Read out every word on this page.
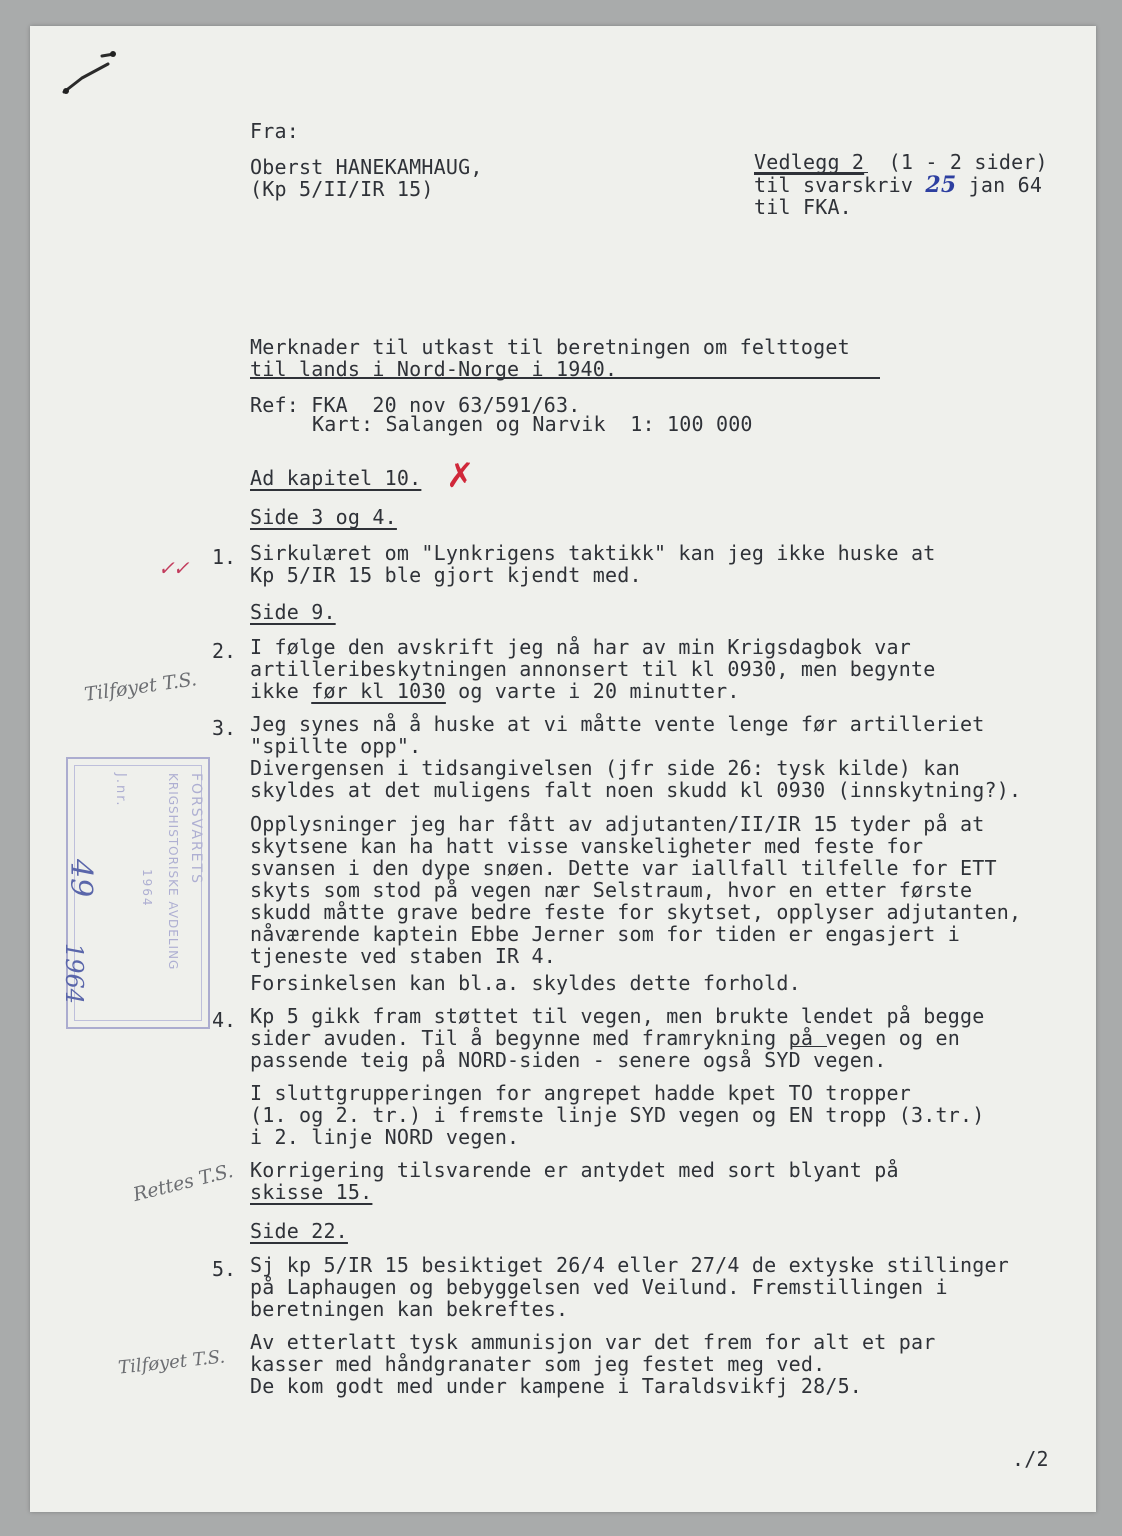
Fra:
Oberst HANEKAMHAUG,
(Kp 5/II/IR 15)
Vedlegg 2 (1 - 2 sider)
til svarskriv 25 jan 64
til FKA.
Merknader til utkast til beretningen om felttoget
til lands i Nord-Norge i 1940.
Ref: FKA  20 nov 63/591/63.
Kart: Salangen og Narvik  1: 100 000
Ad kapitel 10. ✗
Side 3 og 4.
✓✓ 1. Sirkulæret om "Lynkrigens taktikk" kan jeg ikke huske at
Kp 5/IR 15 ble gjort kjendt med.
Side 9.
2. I følge den avskrift jeg nå har av min Krigsdagbok var
artilleribeskytningen annonsert til kl 0930, men begynte
ikke før kl 1030 og varte i 20 minutter.
Tilføyet T.S.
3. Jeg synes nå å huske at vi måtte vente lenge før artilleriet
"spillte opp".
Divergensen i tidsangivelsen (jfr side 26: tysk kilde) kan
skyldes at det muligens falt noen skudd kl 0930 (innskytning?).
Opplysninger jeg har fått av adjutanten/II/IR 15 tyder på at
skytsene kan ha hatt visse vanskeligheter med feste for
svansen i den dype snøen. Dette var iallfall tilfelle for ETT
skyts som stod på vegen nær Selstraum, hvor en etter første
skudd måtte grave bedre feste for skytset, opplyser adjutanten,
nåværende kaptein Ebbe Jerner som for tiden er engasjert i
tjeneste ved staben IR 4.
Forsinkelsen kan bl.a. skyldes dette forhold.
4. Kp 5 gikk fram støttet til vegen, men brukte lendet på begge
sider avuden. Til å begynne med framrykning på vegen og en
passende teig på NORD-siden - senere også SYD vegen.
I sluttgrupperingen for angrepet hadde kpet TO tropper
(1. og 2. tr.) i fremste linje SYD vegen og EN tropp (3.tr.)
i 2. linje NORD vegen.
Korrigering tilsvarende er antydet med sort blyant på
skisse 15.
Rettes T.S.
Side 22.
5. Sj kp 5/IR 15 besiktiget 26/4 eller 27/4 de extyske stillinger
på Laphaugen og bebyggelsen ved Veilund. Fremstillingen i
beretningen kan bekreftes.
Av etterlatt tysk ammunisjon var det frem for alt et par
kasser med håndgranater som jeg festet meg ved.
De kom godt med under kampene i Taraldsvikfj 28/5.
Tilføyet T.S.
./2
FORSVARETS
KRIGSHISTORISKE AVDELING
J.nr.
1964
49
1964
